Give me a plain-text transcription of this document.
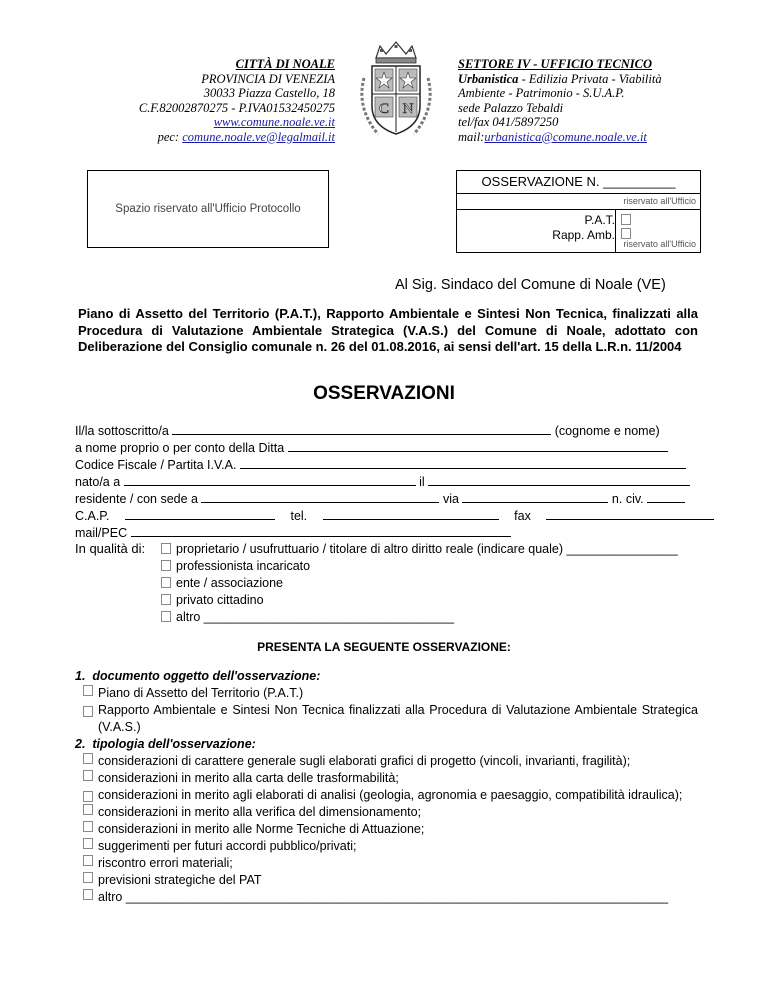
CITTÀ DI NOALE
PROVINCIA DI VENEZIA
30033 Piazza Castello, 18
C.F.82002870275 - P.IVA01532450275
www.comune.noale.ve.it
pec: comune.noale.ve@legalmail.it
C N
SETTORE IV - UFFICIO TECNICO
Urbanistica - Edilizia Privata - Viabilità
Ambiente - Patrimonio - S.U.A.P.
sede Palazzo Tebaldi
tel/fax 041/5897250
mail:urbanistica@comune.noale.ve.it
Spazio riservato all'Ufficio Protocollo
OSSERVAZIONE N. __________
riservato all'Ufficio
P.A.T.
Rapp. Amb.
riservato all'Ufficio
Al Sig. Sindaco del Comune di Noale (VE)
Piano di Assetto del Territorio (P.A.T.), Rapporto Ambientale e Sintesi Non Tecnica, finalizzati alla Procedura di Valutazione Ambientale Strategica (V.A.S.) del Comune di Noale, adottato con Deliberazione del Consiglio comunale n. 26 del 01.08.2016, ai sensi dell'art. 15 della L.R.n. 11/2004
OSSERVAZIONI
Il/la sottoscritto/a	(cognome e nome)
a nome proprio o per conto della Ditta
Codice Fiscale / Partita I.V.A.
nato/a a	il
residente / con sede a	via	n. civ.
C.A.P.	tel.	fax
mail/PEC
In qualità di:	proprietario / usufruttuario / titolare di altro diritto reale (indicare quale) ________________
professionista incaricato
ente / associazione
privato cittadino
altro ____________________________________
PRESENTA LA SEGUENTE OSSERVAZIONE:
1. documento oggetto dell'osservazione:
Piano di Assetto del Territorio (P.A.T.)
Rapporto Ambientale e Sintesi Non Tecnica finalizzati alla Procedura di Valutazione Ambientale Strategica (V.A.S.)
2. tipologia dell'osservazione:
considerazioni di carattere generale sugli elaborati grafici di progetto (vincoli, invarianti, fragilità);
considerazioni in merito alla carta delle trasformabilità;
considerazioni in merito agli elaborati di analisi (geologia, agronomia e paesaggio, compatibilità idraulica);
considerazioni in merito alla verifica del dimensionamento;
considerazioni in merito alle Norme Tecniche di Attuazione;
suggerimenti per futuri accordi pubblico/privati;
riscontro errori materiali;
previsioni strategiche del PAT
altro ______________________________________________________________________________
